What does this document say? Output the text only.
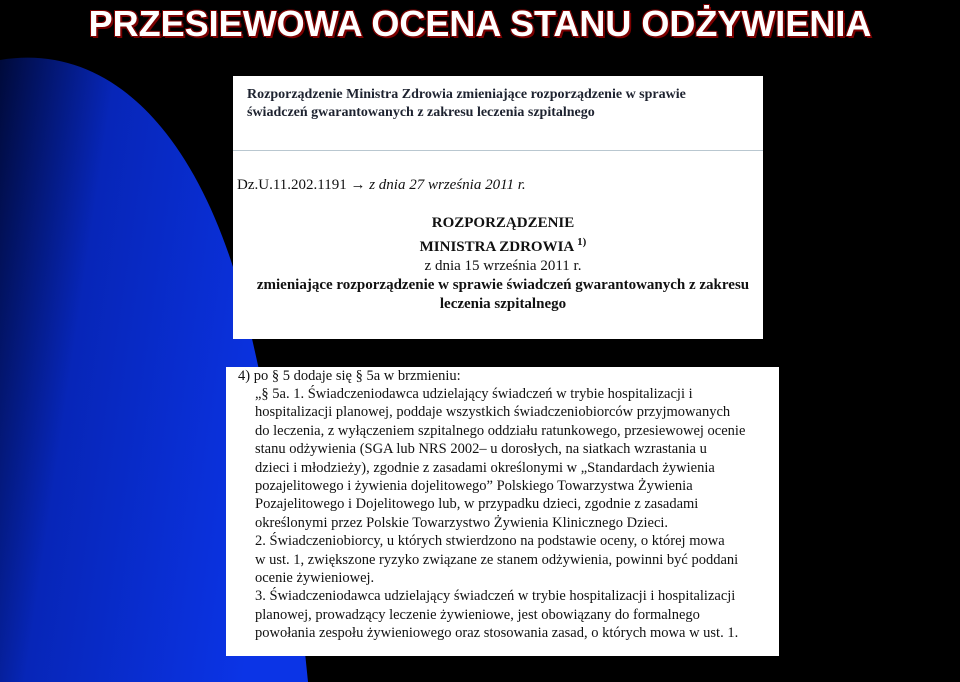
PRZESIEWOWA OCENA STANU ODŻYWIENIA
Rozporządzenie Ministra Zdrowia zmieniające rozporządzenie w sprawie
świadczeń gwarantowanych z zakresu leczenia szpitalnego
Dz.U.11.202.1191 → z dnia 27 września 2011 r.
ROZPORZĄDZENIE
MINISTRA ZDROWIA $^{1)}$
z dnia 15 września 2011 r.
zmieniające rozporządzenie w sprawie świadczeń gwarantowanych z zakresu
leczenia szpitalnego
4) po § 5 dodaje się § 5a w brzmieniu:
„§ 5a. 1. Świadczeniodawca udzielający świadczeń w trybie hospitalizacji i
hospitalizacji planowej, poddaje wszystkich świadczeniobiorców przyjmowanych
do leczenia, z wyłączeniem szpitalnego oddziału ratunkowego, przesiewowej ocenie
stanu odżywienia (SGA lub NRS 2002– u dorosłych, na siatkach wzrastania u
dzieci i młodzieży), zgodnie z zasadami określonymi w „Standardach żywienia
pozajelitowego i żywienia dojelitowego” Polskiego Towarzystwa Żywienia
Pozajelitowego i Dojelitowego lub, w przypadku dzieci, zgodnie z zasadami
określonymi przez Polskie Towarzystwo Żywienia Klinicznego Dzieci.
2. Świadczeniobiorcy, u których stwierdzono na podstawie oceny, o której mowa
w ust. 1, zwiększone ryzyko związane ze stanem odżywienia, powinni być poddani
ocenie żywieniowej.
3. Świadczeniodawca udzielający świadczeń w trybie hospitalizacji i hospitalizacji
planowej, prowadzący leczenie żywieniowe, jest obowiązany do formalnego
powołania zespołu żywieniowego oraz stosowania zasad, o których mowa w ust. 1.
